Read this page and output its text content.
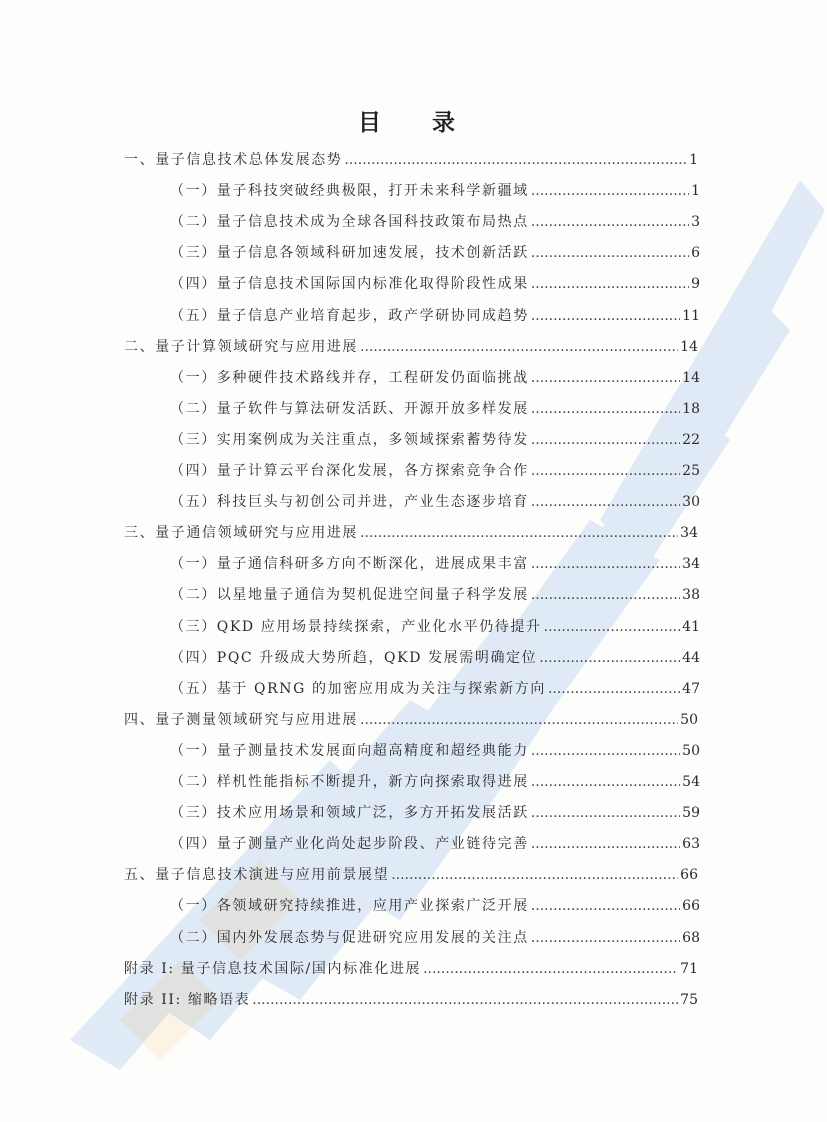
目　录
一、量子信息技术总体发展态势 .....	1
（一）量子科技突破经典极限，打开未来科学新疆域 .....	1
（二）量子信息技术成为全球各国科技政策布局热点 .....	3
（三）量子信息各领域科研加速发展，技术创新活跃 .....	6
（四）量子信息技术国际国内标准化取得阶段性成果 .....	9
（五）量子信息产业培育起步，政产学研协同成趋势 .....	11
二、量子计算领域研究与应用进展 .....	14
（一）多种硬件技术路线并存，工程研发仍面临挑战 .....	14
（二）量子软件与算法研发活跃、开源开放多样发展 .....	18
（三）实用案例成为关注重点，多领域探索蓄势待发 .....	22
（四）量子计算云平台深化发展，各方探索竞争合作 .....	25
（五）科技巨头与初创公司并进，产业生态逐步培育 .....	30
三、量子通信领域研究与应用进展 .....	34
（一）量子通信科研多方向不断深化，进展成果丰富 .....	34
（二）以星地量子通信为契机促进空间量子科学发展 .....	38
（三）QKD 应用场景持续探索，产业化水平仍待提升 .....	41
（四）PQC 升级成大势所趋，QKD 发展需明确定位 .....	44
（五）基于 QRNG 的加密应用成为关注与探索新方向 .....	47
四、量子测量领域研究与应用进展 .....	50
（一）量子测量技术发展面向超高精度和超经典能力 .....	50
（二）样机性能指标不断提升，新方向探索取得进展 .....	54
（三）技术应用场景和领域广泛，多方开拓发展活跃 .....	59
（四）量子测量产业化尚处起步阶段、产业链待完善 .....	63
五、量子信息技术演进与应用前景展望 .....	66
（一）各领域研究持续推进，应用产业探索广泛开展 .....	66
（二）国内外发展态势与促进研究应用发展的关注点 .....	68
附录 I: 量子信息技术国际/国内标准化进展 .....	71
附录 II: 缩略语表 .....	75
